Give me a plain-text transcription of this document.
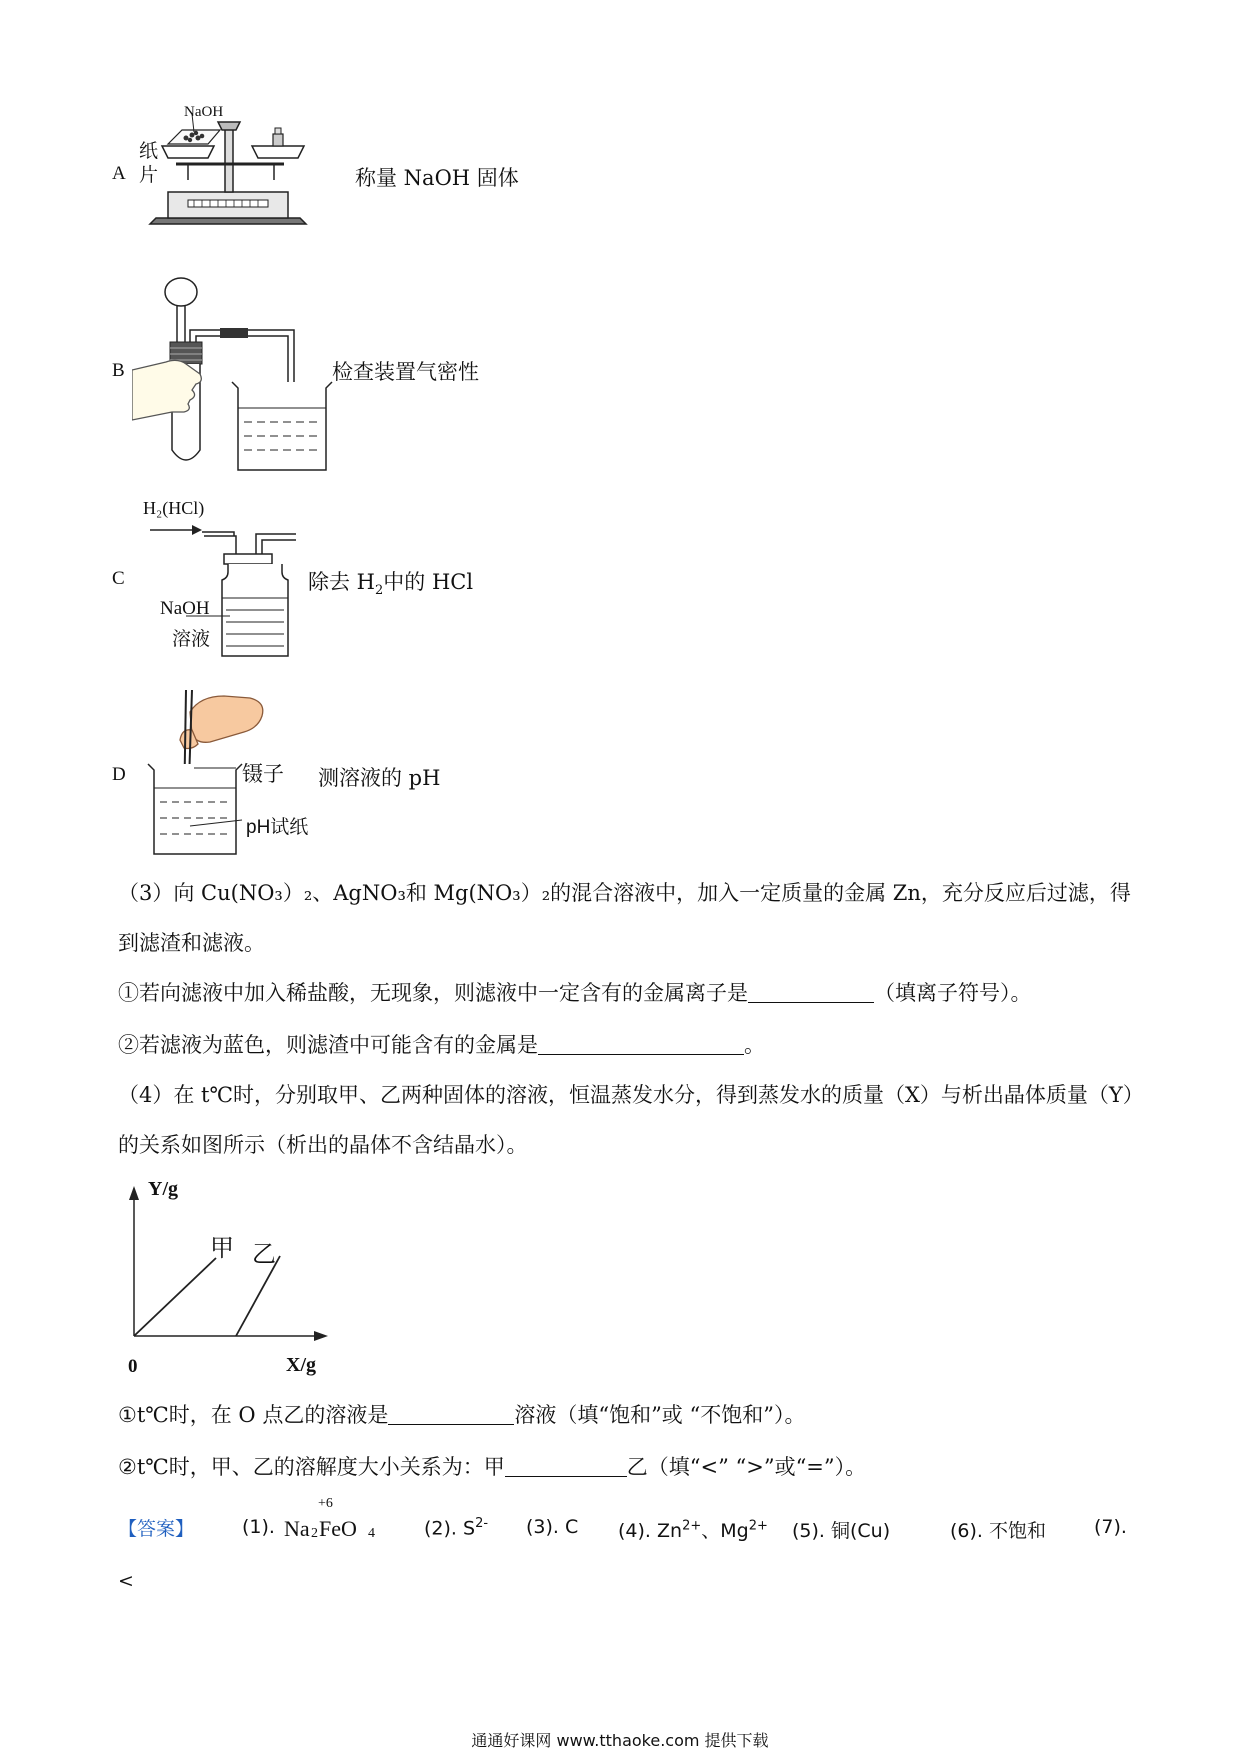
A
NaOH
纸
片	称量 NaOH 固体
B	检查装置气密性
C
H₂(HCl)
NaOH
溶液
除去 $H_2$中的 HCl
D	镊子
pH试纸
测溶液的 pH
（3）向 Cu(NO₃）₂、AgNO₃和 Mg(NO₃）₂的混合溶液中，加入一定质量的金属 Zn，充分反应后过滤，得
到滤渣和滤液。
①若向滤液中加入稀盐酸，无现象，则滤液中一定含有的金属离子是	（填离子符号）。
②若滤液为蓝色，则滤渣中可能含有的金属是	。
（4）在 t℃时，分别取甲、乙两种固体的溶液，恒温蒸发水分，得到蒸发水的质量（X）与析出晶体质量（Y）
的关系如图所示（析出的晶体不含结晶水）。
Y/g
X/g
0
甲 乙
①t℃时，在 O 点乙的溶液是	溶液（填“饱和”或 “不饱和”）。
②t℃时，甲、乙的溶解度大小关系为：甲	乙（填“<” “>”或“=”）。
【答案】	(1).
+6
Na 2 FeO 4	(2). $S^{2-}$ (3). C (4). $Zn^{2+}$、$Mg^{2+}$ (5). 铜(Cu)	(6). 不饱和	(7).
<
通通好课网 www.tthaoke.com 提供下载
